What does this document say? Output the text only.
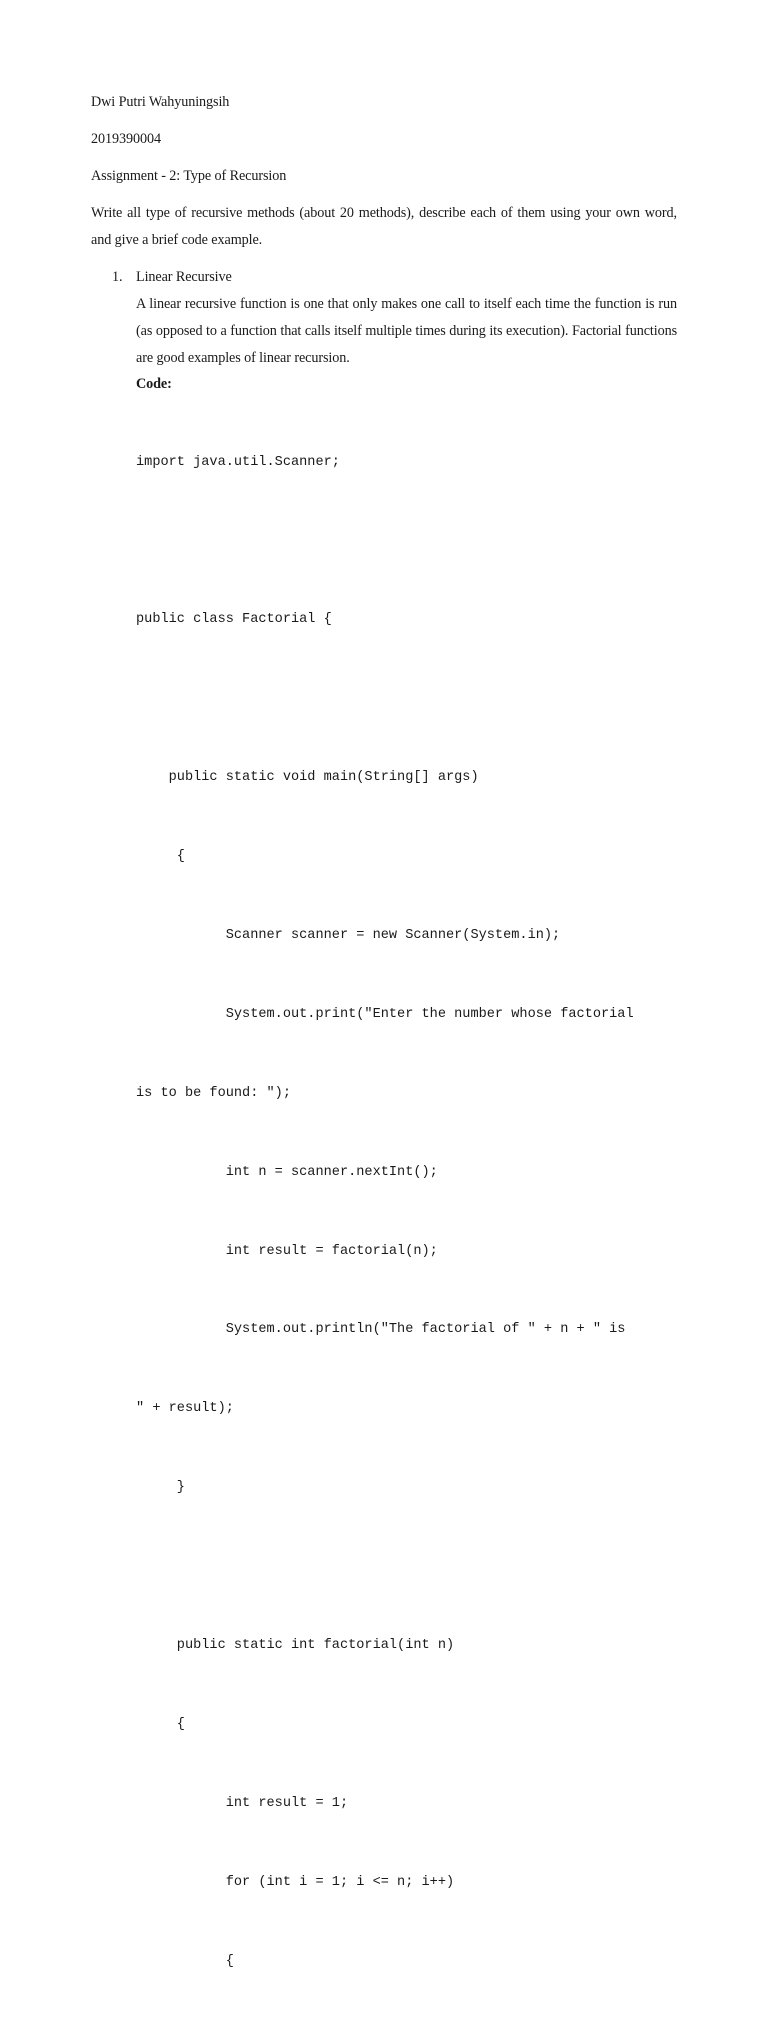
Dwi Putri Wahyuningsih
2019390004
Assignment - 2: Type of Recursion
Write all type of recursive methods (about 20 methods), describe each of them using your own word, and give a brief code example.
1. Linear Recursive
A linear recursive function is one that only makes one call to itself each time the function is run (as opposed to a function that calls itself multiple times during its execution). Factorial functions are good examples of linear recursion.
Code:

import java.util.Scanner;

public class Factorial {

public static void main(String[] args)

{

Scanner scanner = new Scanner(System.in);

System.out.print("Enter the number whose factorial

is to be found: ");

int n = scanner.nextInt();

int result = factorial(n);

System.out.println("The factorial of " + n + " is

" + result);

}

public static int factorial(int n)

{

int result = 1;

for (int i = 1; i <= n; i++)

{
